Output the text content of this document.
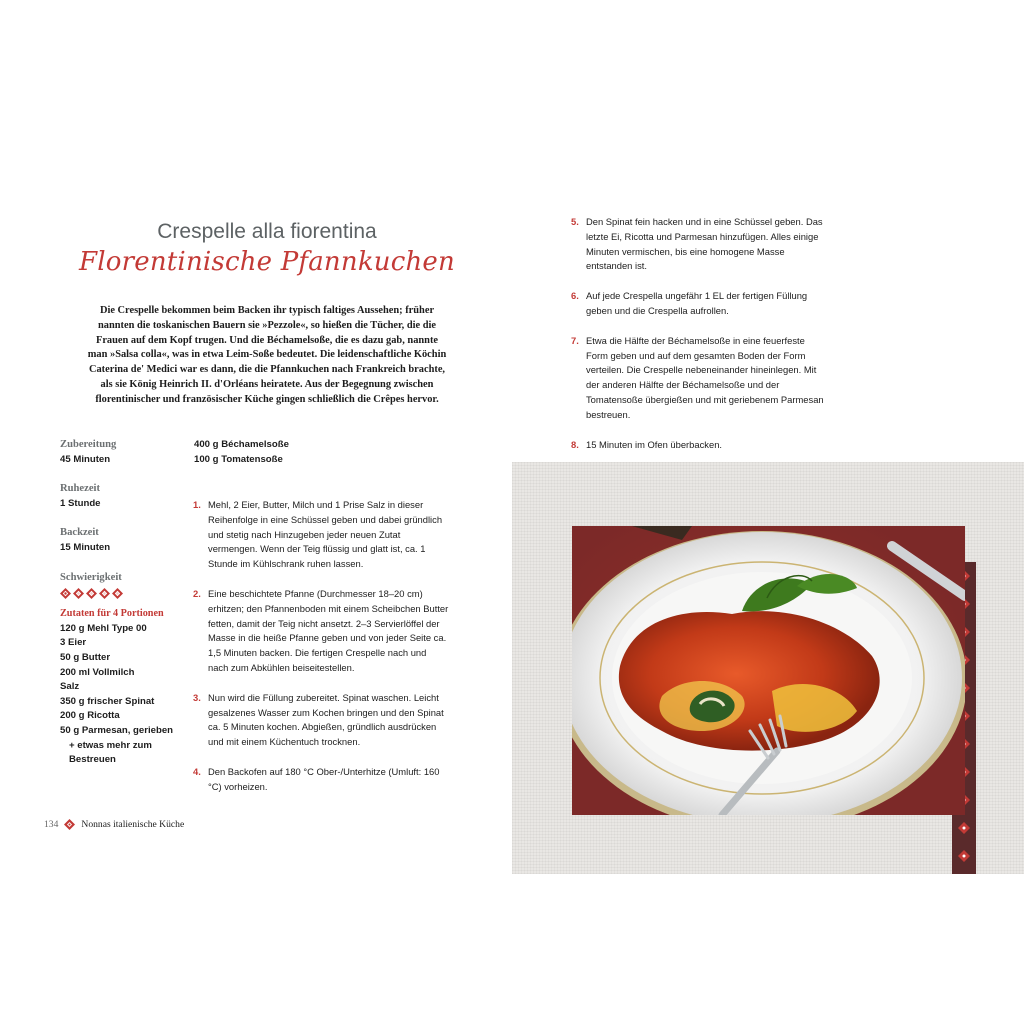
Crespelle alla fiorentina
Florentinische Pfannkuchen

Die Crespelle bekommen beim Backen ihr typisch faltiges Aussehen; früher

nannten die toskanischen Bauern sie »Pezzole«, so hießen die Tücher, die die

Frauen auf dem Kopf trugen. Und die Béchamelsoße, die es dazu gab, nannte

man »Salsa colla«, was in etwa Leim-Soße bedeutet. Die leidenschaftliche Köchin

Caterina de' Medici war es dann, die die Pfannkuchen nach Frankreich brachte,

als sie König Heinrich II. d'Orléans heiratete. Aus der Begegnung zwischen

florentinischer und französischer Küche gingen schließlich die Crêpes hervor.

Zubereitung
45 Minuten
Ruhezeit
1 Stunde
Backzeit
15 Minuten
Schwierigkeit
Zutaten für 4 Portionen
120 g Mehl Type 00
3 Eier
50 g Butter
200 ml Vollmilch
Salz
350 g frischer Spinat
200 g Ricotta
50 g Parmesan, gerieben
+ etwas mehr zum
Bestreuen
400 g Béchamelsoße
100 g Tomatensoße
1. Mehl, 2 Eier, Butter, Milch und 1 Prise Salz in dieser Reihenfolge in eine Schüssel geben und dabei gründlich und stetig nach Hinzugeben jeder neuen Zutat vermengen. Wenn der Teig flüssig und glatt ist, ca. 1 Stunde im Kühlschrank ruhen lassen.
2. Eine beschichtete Pfanne (Durchmesser 18–20 cm) erhitzen; den Pfannenboden mit einem Scheibchen Butter fetten, damit der Teig nicht ansetzt. 2–3 Servierlöffel der Masse in die heiße Pfanne geben und von jeder Seite ca. 1,5 Minuten backen. Die fertigen Crespelle nach und nach zum Abkühlen beiseitestellen.
3. Nun wird die Füllung zubereitet. Spinat waschen. Leicht gesalzenes Wasser zum Kochen bringen und den Spinat ca. 5 Minuten kochen. Abgießen, gründlich ausdrücken und mit einem Küchentuch trocknen.
4. Den Backofen auf 180 °C Ober-/Unterhitze (Umluft: 160 °C) vorheizen.
5. Den Spinat fein hacken und in eine Schüssel geben. Das letzte Ei, Ricotta und Parmesan hinzufügen. Alles einige Minuten vermischen, bis eine homogene Masse entstanden ist.
6. Auf jede Crespella ungefähr 1 EL der fertigen Füllung geben und die Crespella aufrollen.
7. Etwa die Hälfte der Béchamelsoße in eine feuerfeste Form geben und auf dem gesamten Boden der Form verteilen. Die Crespelle nebeneinander hineinlegen. Mit der anderen Hälfte der Béchamelsoße und der Tomatensoße übergießen und mit geriebenem Parmesan bestreuen.
8. 15 Minuten im Ofen überbacken.
134 Nonnas italienische Küche
